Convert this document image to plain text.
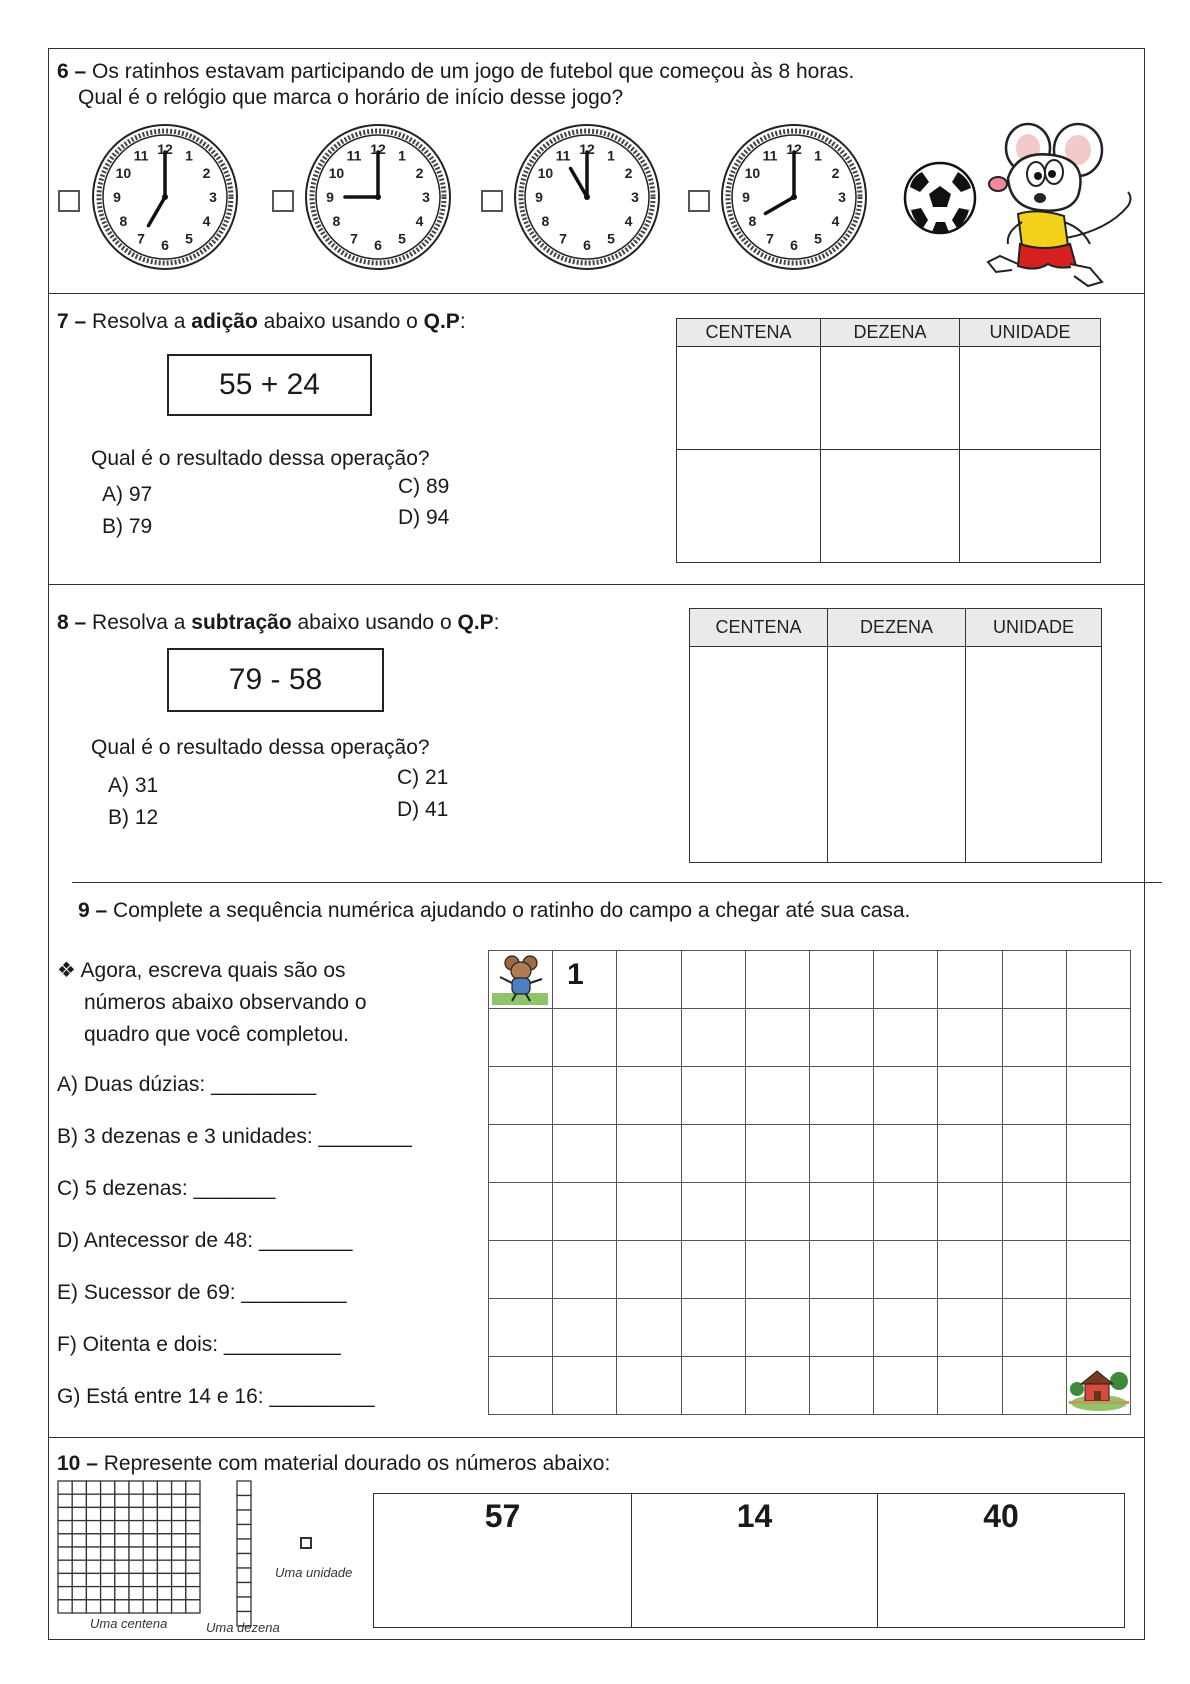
6 – Os ratinhos estavam participando de um jogo de futebol que começou às 8 horas.
Qual é o relógio que marca o horário de início desse jogo?
12 1
2
3
4
5
6
7
8
9
10
11	12 1
2
3
4
5
6
7
8
9
10
11	12 1
2
3
4
5
6
7
8
9
10
11	12 1
2
3
4
5
6
7
8
9
10
11
7 – Resolva a adição abaixo usando o Q.P:
55 + 24
Qual é o resultado dessa operação?
A) 97
B) 79
C) 89
D) 94
CENTENA	DEZENA	UNIDADE

8 – Resolva a subtração abaixo usando o Q.P:
79 - 58
Qual é o resultado dessa operação?
A) 31
B) 12
C) 21
D) 41
CENTENA	DEZENA	UNIDADE

9 – Complete a sequência numérica ajudando o ratinho do campo a chegar até sua casa.
❖ Agora, escreva quais são os
números abaixo observando o
quadro que você completou.
A) Duas dúzias: _________
B) 3 dezenas e 3 unidades: ________
C) 5 dezenas: _______
D) Antecessor de 48: ________
E) Sucessor de 69: _________
F) Oitenta e dois: __________
G) Está entre 14 e 16: _________

1
10 – Represente com material dourado os números abaixo:
Uma centena	Uma dezena
Uma unidade
57	14	40
